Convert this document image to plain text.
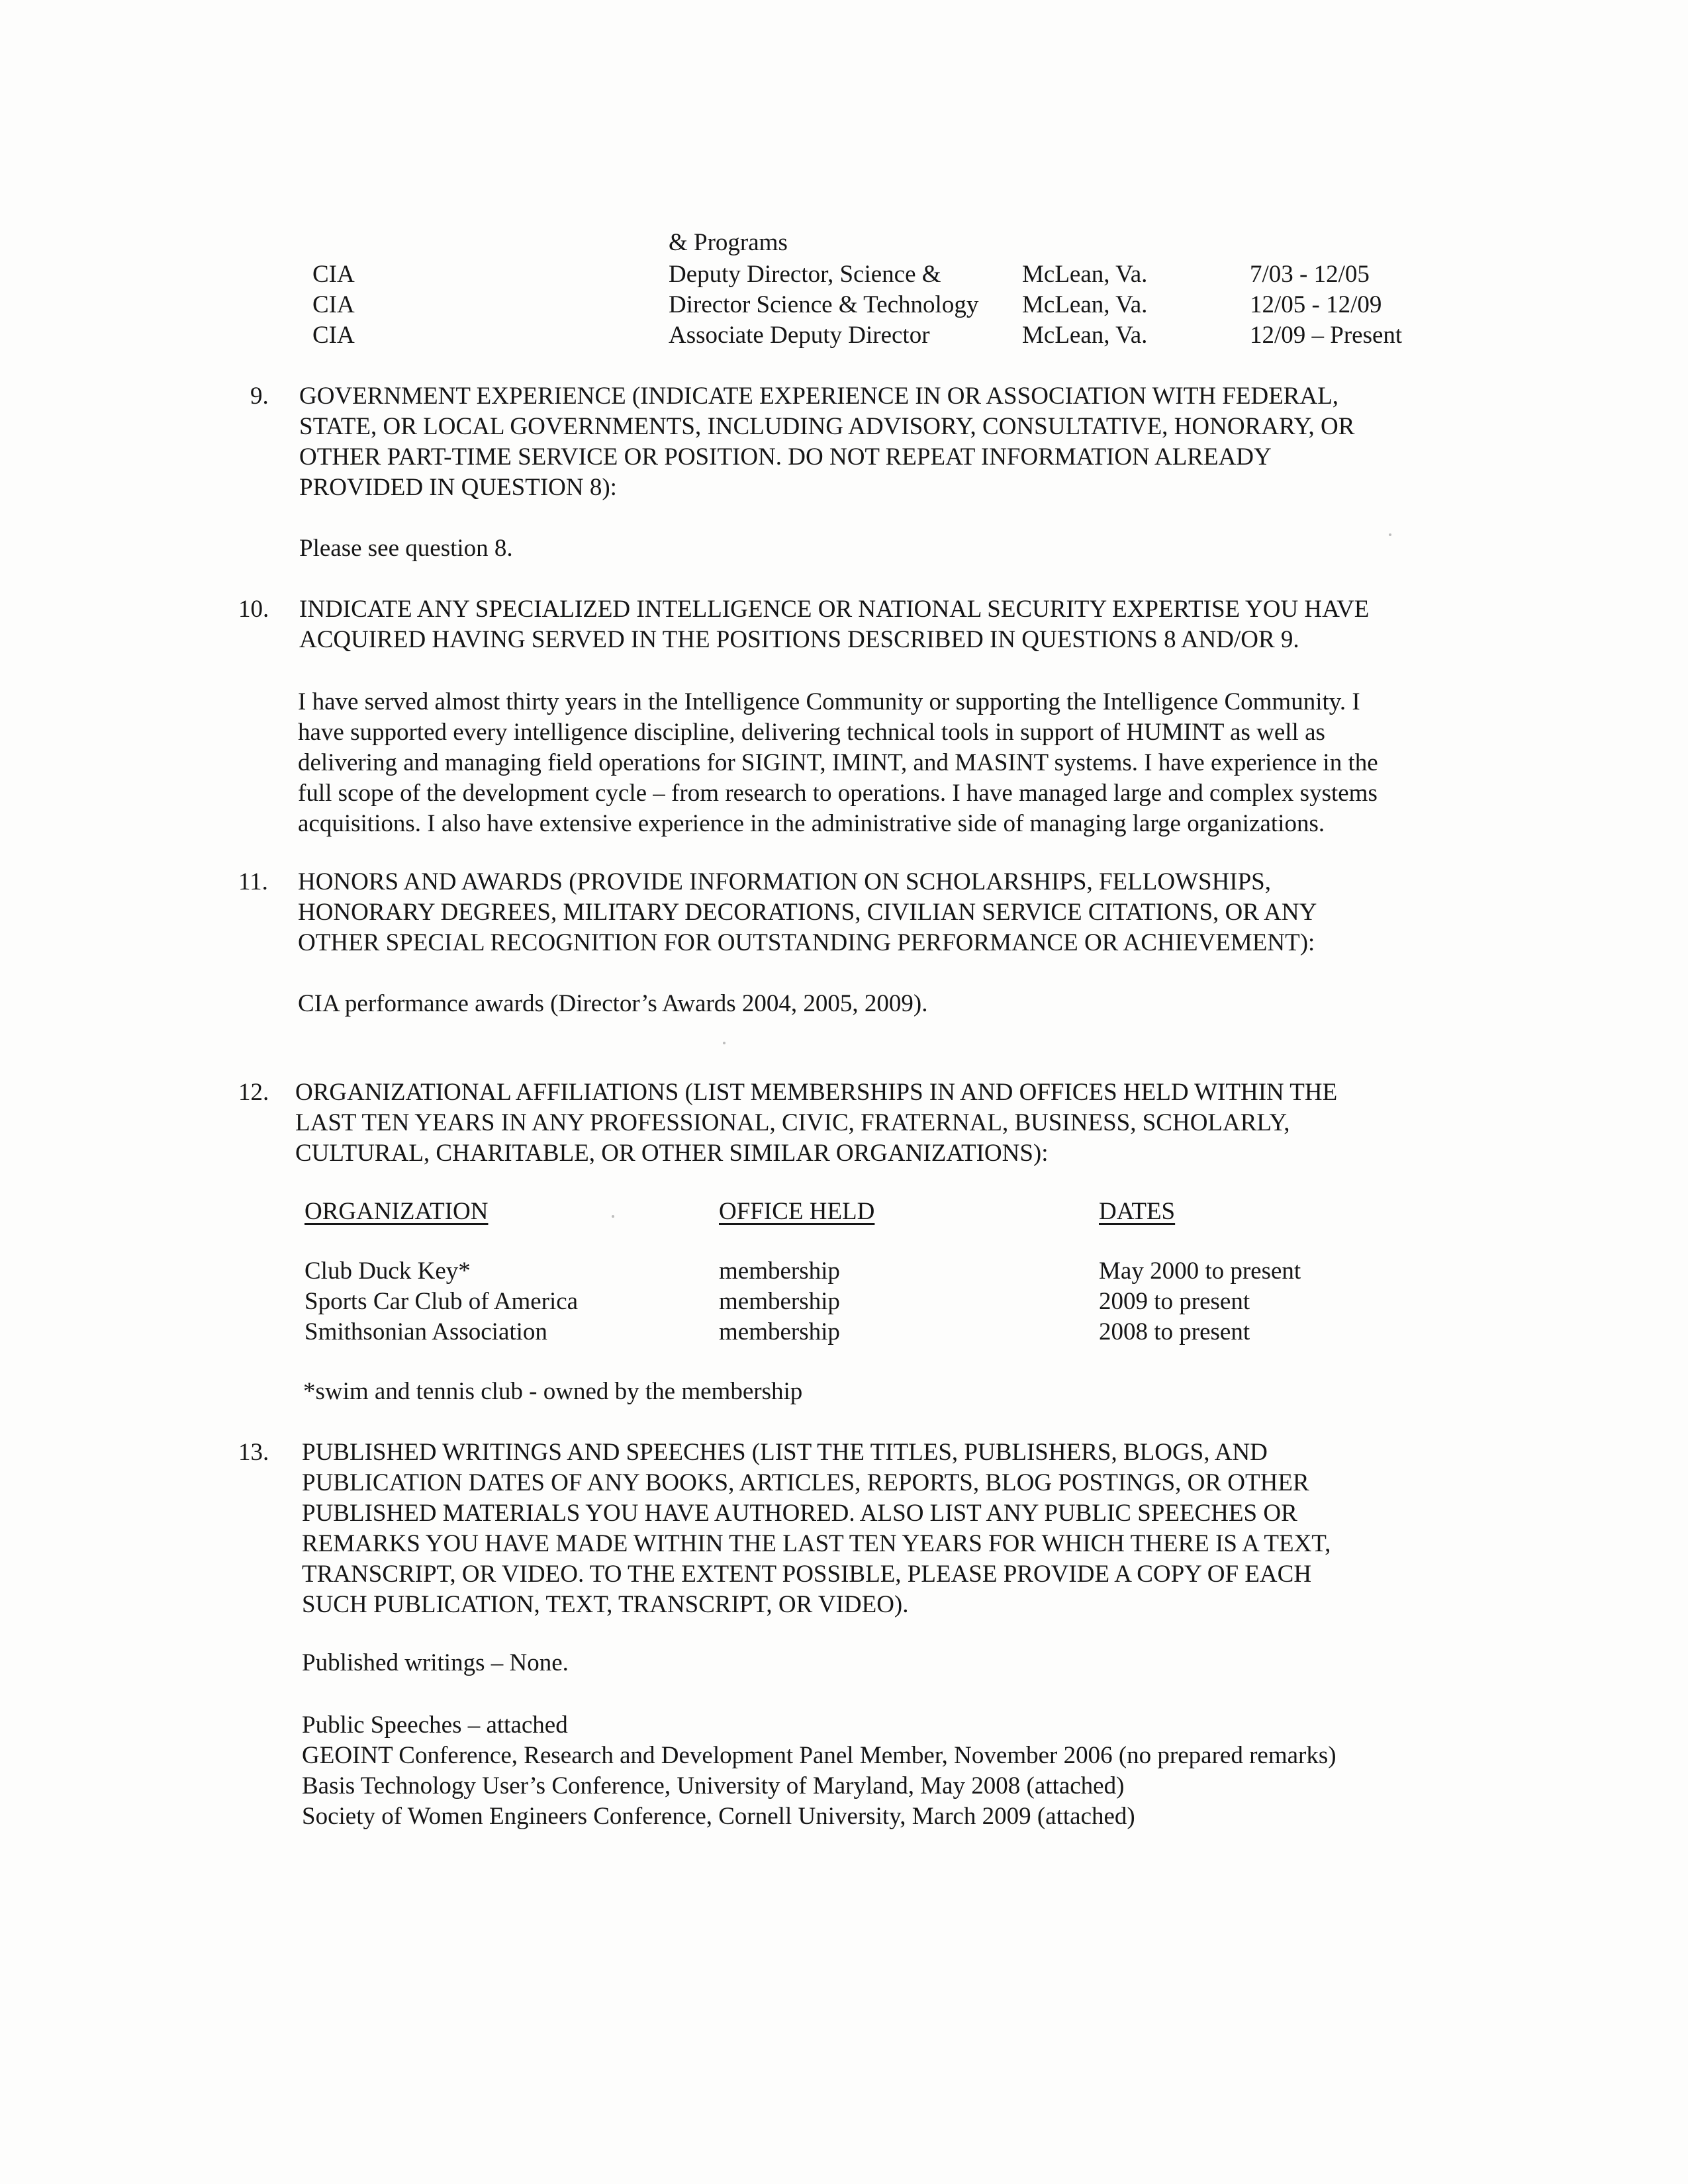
& Programs
CIA	Deputy Director, Science &	McLean, Va.	7/03 - 12/05
CIA	Director Science & Technology McLean, Va.	12/05 - 12/09
CIA	Associate Deputy Director	McLean, Va.	12/09 – Present
9. GOVERNMENT EXPERIENCE (INDICATE EXPERIENCE IN OR ASSOCIATION WITH FEDERAL,
STATE, OR LOCAL GOVERNMENTS, INCLUDING ADVISORY, CONSULTATIVE, HONORARY, OR
OTHER PART-TIME SERVICE OR POSITION. DO NOT REPEAT INFORMATION ALREADY
PROVIDED IN QUESTION 8):
Please see question 8.
10. INDICATE ANY SPECIALIZED INTELLIGENCE OR NATIONAL SECURITY EXPERTISE YOU HAVE
ACQUIRED HAVING SERVED IN THE POSITIONS DESCRIBED IN QUESTIONS 8 AND/OR 9.
I have served almost thirty years in the Intelligence Community or supporting the Intelligence Community. I
have supported every intelligence discipline, delivering technical tools in support of HUMINT as well as
delivering and managing field operations for SIGINT, IMINT, and MASINT systems. I have experience in the
full scope of the development cycle – from research to operations. I have managed large and complex systems
acquisitions. I also have extensive experience in the administrative side of managing large organizations.
11. HONORS AND AWARDS (PROVIDE INFORMATION ON SCHOLARSHIPS, FELLOWSHIPS,
HONORARY DEGREES, MILITARY DECORATIONS, CIVILIAN SERVICE CITATIONS, OR ANY
OTHER SPECIAL RECOGNITION FOR OUTSTANDING PERFORMANCE OR ACHIEVEMENT):
CIA performance awards (Director’s Awards 2004, 2005, 2009).
12. ORGANIZATIONAL AFFILIATIONS (LIST MEMBERSHIPS IN AND OFFICES HELD WITHIN THE
LAST TEN YEARS IN ANY PROFESSIONAL, CIVIC, FRATERNAL, BUSINESS, SCHOLARLY,
CULTURAL, CHARITABLE, OR OTHER SIMILAR ORGANIZATIONS):
ORGANIZATION	OFFICE HELD	DATES
Club Duck Key*	membership	May 2000 to present
Sports Car Club of America	membership	2009 to present
Smithsonian Association	membership	2008 to present
*swim and tennis club - owned by the membership
13. PUBLISHED WRITINGS AND SPEECHES (LIST THE TITLES, PUBLISHERS, BLOGS, AND
PUBLICATION DATES OF ANY BOOKS, ARTICLES, REPORTS, BLOG POSTINGS, OR OTHER
PUBLISHED MATERIALS YOU HAVE AUTHORED. ALSO LIST ANY PUBLIC SPEECHES OR
REMARKS YOU HAVE MADE WITHIN THE LAST TEN YEARS FOR WHICH THERE IS A TEXT,
TRANSCRIPT, OR VIDEO. TO THE EXTENT POSSIBLE, PLEASE PROVIDE A COPY OF EACH
SUCH PUBLICATION, TEXT, TRANSCRIPT, OR VIDEO).
Published writings – None.
Public Speeches – attached
GEOINT Conference, Research and Development Panel Member, November 2006 (no prepared remarks)
Basis Technology User’s Conference, University of Maryland, May 2008 (attached)
Society of Women Engineers Conference, Cornell University, March 2009 (attached)
